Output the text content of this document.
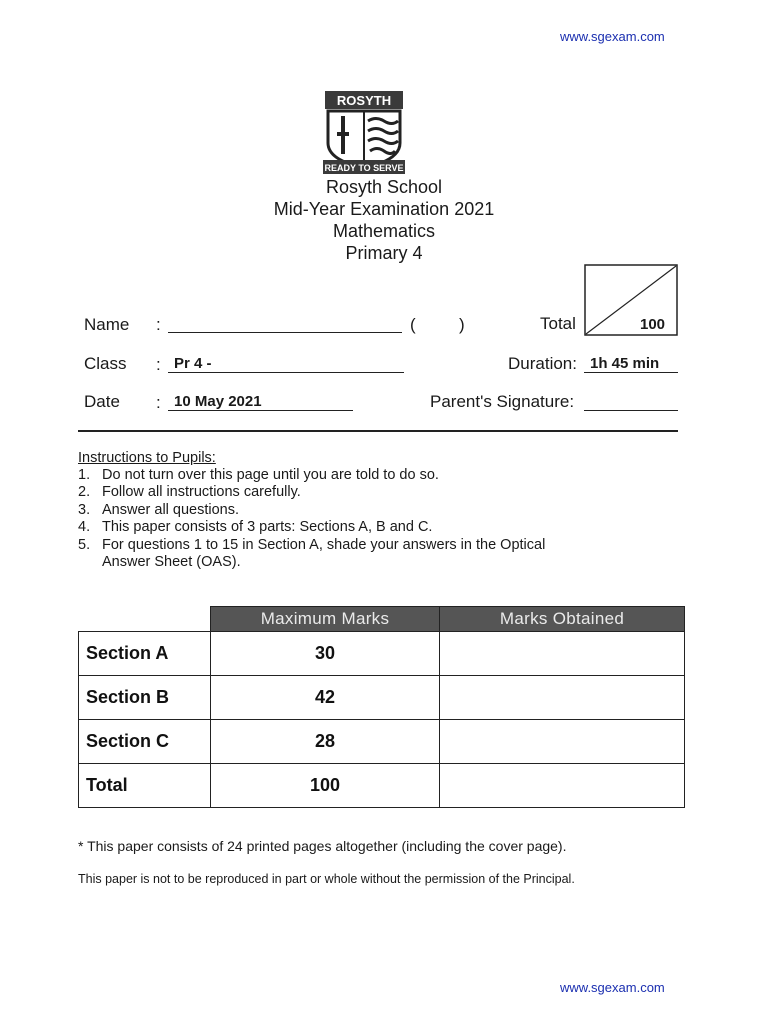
www.sgexam.com
ROSYTH
READY TO SERVE
Rosyth School
Mid-Year Examination 2021
Mathematics
Primary 4
100
Total
Name :	(	)
Class : Pr 4 -	Duration: 1h 45 min
Date : 10 May 2021	Parent's Signature:
Instructions to Pupils:
1. Do not turn over this page until you are told to do so.
2. Follow all instructions carefully.
3. Answer all questions.
4. This paper consists of 3 parts: Sections A, B and C.
5. For questions 1 to 15 in Section A, shade your answers in the Optical
Answer Sheet (OAS).
	Maximum Marks	Marks Obtained
Section A	30	
Section B	42	
Section C	28	
Total	100	
* This paper consists of 24 printed pages altogether (including the cover page).
This paper is not to be reproduced in part or whole without the permission of the Principal.
www.sgexam.com
